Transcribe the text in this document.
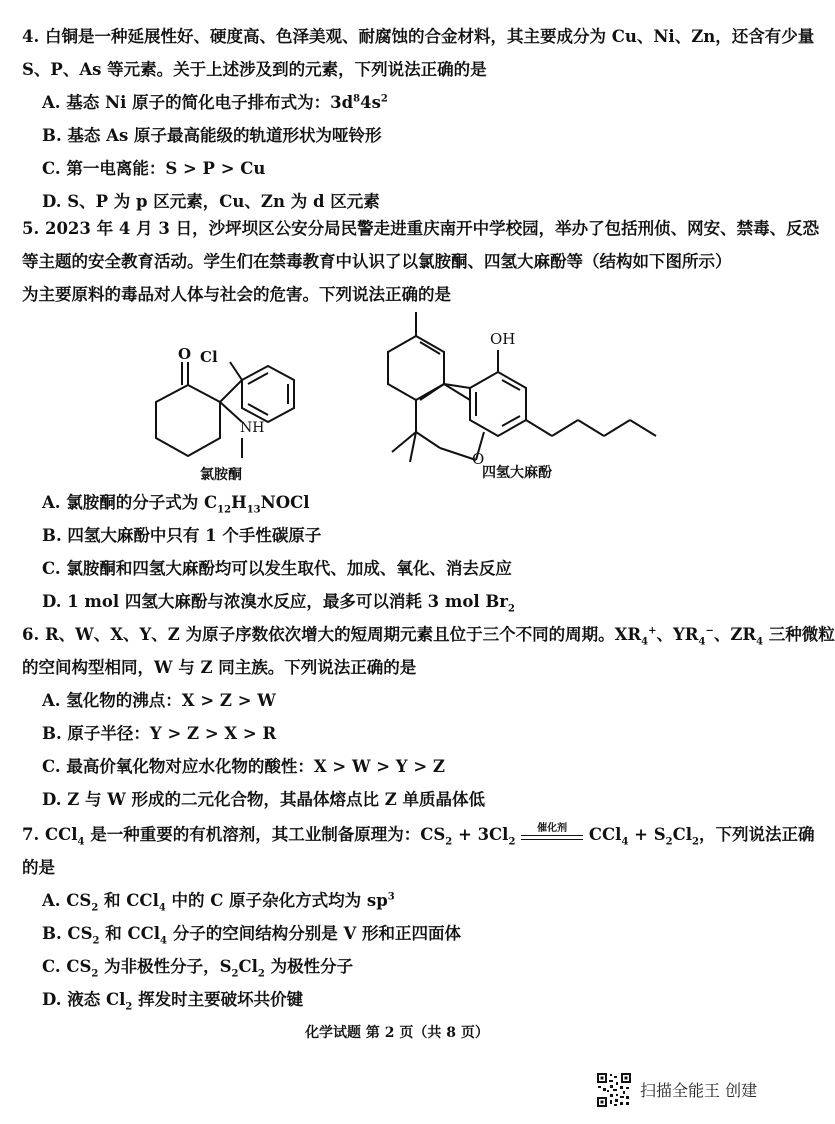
4. 白铜是一种延展性好、硬度高、色泽美观、耐腐蚀的合金材料，其主要成分为 Cu、Ni、Zn，还含有少量

S、P、As 等元素。关于上述涉及到的元素，下列说法正确的是

A. 基态 Ni 原子的简化电子排布式为：$3d^84s^2$

B. 基态 As 原子最高能级的轨道形状为哑铃形

C. 第一电离能：S > P > Cu

D. S、P 为 p 区元素，Cu、Zn 为 d 区元素

5. 2023 年 4 月 3 日，沙坪坝区公安分局民警走进重庆南开中学校园，举办了包括刑侦、网安、禁毒、反恐

等主题的安全教育活动。学生们在禁毒教育中认识了以氯胺酮、四氢大麻酚等（结构如下图所示）

为主要原料的毒品对人体与社会的危害。下列说法正确的是

Cl
O
NH
氯胺酮
OH
O
四氢大麻酚

A. 氯胺酮的分子式为 $C_{12}H_{13}NOCl$

B. 四氢大麻酚中只有 1 个手性碳原子

C. 氯胺酮和四氢大麻酚均可以发生取代、加成、氧化、消去反应

D. 1 mol 四氢大麻酚与浓溴水反应，最多可以消耗 3 mol $Br_2$

6. R、W、X、Y、Z 为原子序数依次增大的短周期元素且位于三个不同的周期。$XR_4^+$、$YR_4^-$、$ZR_4$ 三种微粒

的空间构型相同，W 与 Z 同主族。下列说法正确的是

A. 氢化物的沸点：X > Z > W

B. 原子半径：Y > Z > X > R

C. 最高价氧化物对应水化物的酸性：X > W > Y > Z

D. Z 与 W 形成的二元化合物，其晶体熔点比 Z 单质晶体低

7. CCl$_4$ 是一种重要的有机溶剂，其工业制备原理为：$CS_2 + 3Cl_2$
催化剂 $CCl_4 + S_2Cl_2$，下列说法正确

的是

A. $CS_2$ 和 CCl$_4$ 中的 C 原子杂化方式均为 $sp^3$

B. $CS_2$ 和 CCl$_4$ 分子的空间结构分别是 V 形和正四面体

C. $CS_2$ 为非极性分子，$S_2Cl_2$ 为极性分子

D. 液态 $Cl_2$ 挥发时主要破坏共价键

化学试题 第 2 页（共 8 页）
扫描全能王 创建
